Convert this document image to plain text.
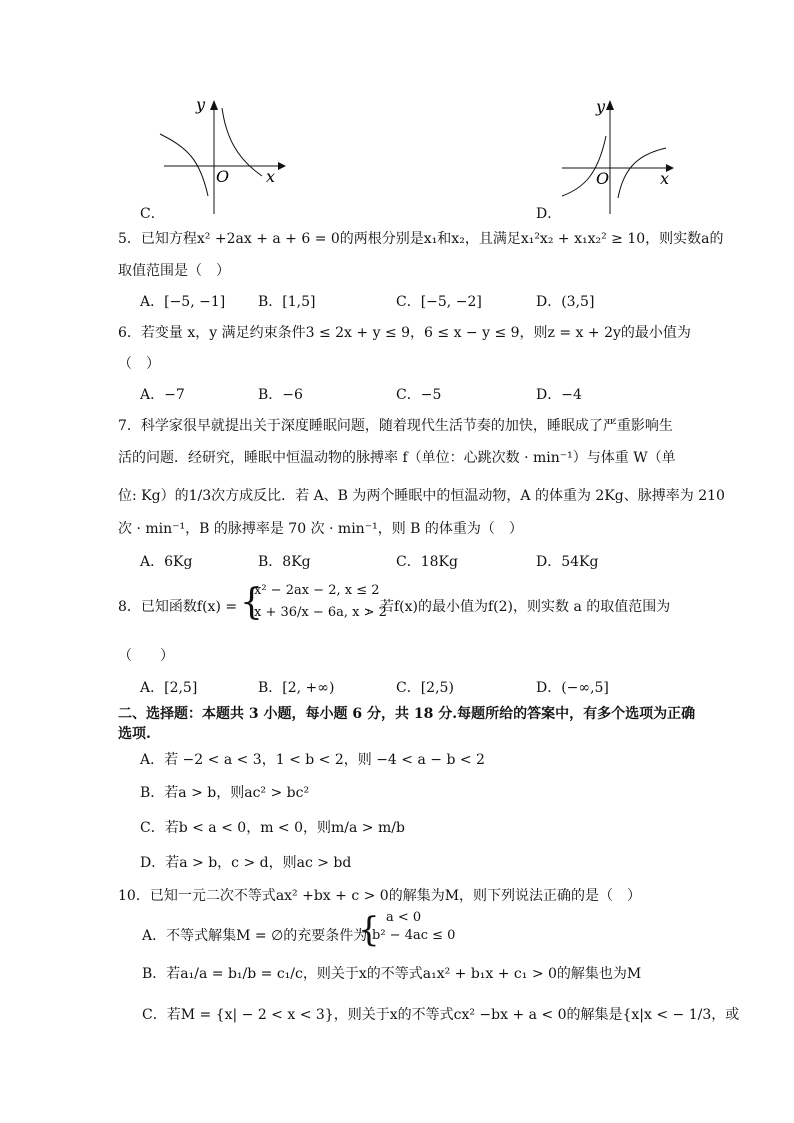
y
x
O
C．
y
x
O
D．
5．已知方程x² +2ax + a + 6 = 0的两根分别是x₁和x₂，且满足x₁²x₂ + x₁x₂² ≥ 10，则实数a的
取值范围是（　）
A．[−5, −1] B．[1,5]	C．[−5, −2]	D．(3,5]
6．若变量 x，y 满足约束条件3 ≤ 2x + y ≤ 9，6 ≤ x − y ≤ 9，则z = x + 2y的最小值为
（　）
A．−7	B．−6	C．−5	D．−4
7．科学家很早就提出关于深度睡眠问题，随着现代生活节奏的加快，睡眠成了严重影响生
活的问题．经研究，睡眠中恒温动物的脉搏率 f（单位：心跳次数 · min⁻¹）与体重 W（单
位: Kg）的1/3次方成反比．若 A、B 为两个睡眠中的恒温动物，A 的体重为 2Kg、脉搏率为 210
次 · min⁻¹，B 的脉搏率是 70 次 · min⁻¹，则 B 的体重为（　）
A．6Kg	B．8Kg	C．18Kg	D．54Kg
8．已知函数f(x) = {
x² − 2ax − 2, x ≤ 2
x + 36/x − 6a, x > 2
，若f(x)的最小值为f(2)，则实数 a 的取值范围为
（　　）
A．[2,5]	B．[2, +∞)	C．[2,5)	D．(−∞,5]
二、选择题：本题共 3 小题，每小题 6 分，共 18 分.每题所给的答案中，有多个选项为正确
选项.
A．若 −2 < a < 3，1 < b < 2，则 −4 < a − b < 2
B．若a > b，则ac² > bc²
C．若b < a < 0，m < 0，则m/a > m/b
D．若a > b，c > d，则ac > bd
10．已知一元二次不等式ax² +bx + c > 0的解集为M，则下列说法正确的是（　）
A．不等式解集M = ∅的充要条件为
{ a < 0
b² − 4ac ≤ 0
B．若a₁/a = b₁/b = c₁/c，则关于x的不等式a₁x² + b₁x + c₁ > 0的解集也为M
C．若M = {x| − 2 < x < 3}，则关于x的不等式cx² −bx + a < 0的解集是{x|x < − 1/3，或
